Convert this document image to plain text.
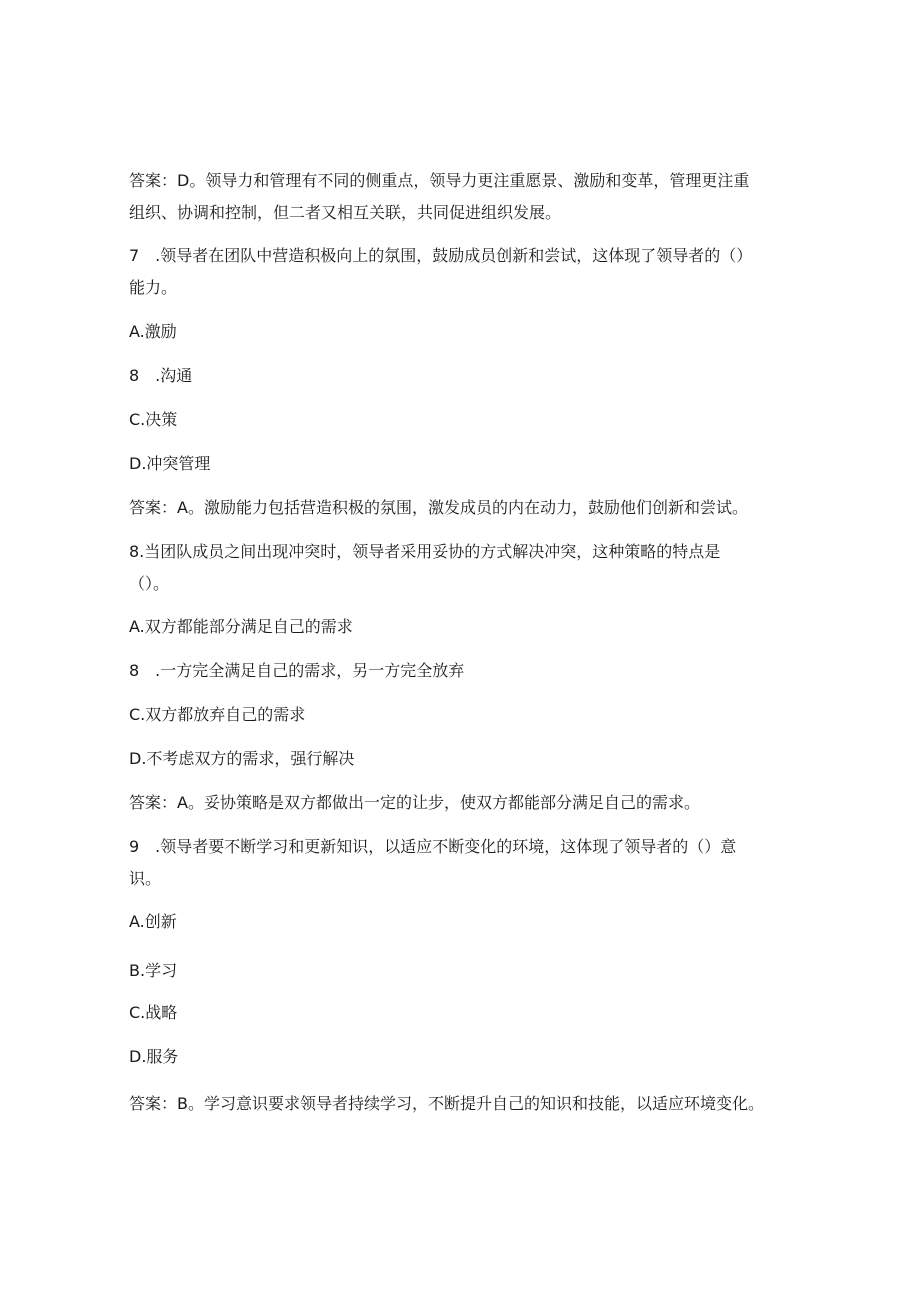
答案：D。领导力和管理有不同的侧重点，领导力更注重愿景、激励和变革，管理更注重

组织、协调和控制，但二者又相互关联，共同促进组织发展。

7　.领导者在团队中营造积极向上的氛围，鼓励成员创新和尝试，这体现了领导者的（）

能力。

A.激励

8　.沟通

C.决策

D.冲突管理

答案：A。激励能力包括营造积极的氛围，激发成员的内在动力，鼓励他们创新和尝试。

8.当团队成员之间出现冲突时，领导者采用妥协的方式解决冲突，这种策略的特点是

（）。

A.双方都能部分满足自己的需求

8　.一方完全满足自己的需求，另一方完全放弃

C.双方都放弃自己的需求

D.不考虑双方的需求，强行解决

答案：A。妥协策略是双方都做出一定的让步，使双方都能部分满足自己的需求。

9　.领导者要不断学习和更新知识，以适应不断变化的环境，这体现了领导者的（）意

识。

A.创新

B.学习

C.战略

D.服务

答案：B。学习意识要求领导者持续学习，不断提升自己的知识和技能，以适应环境变化。
